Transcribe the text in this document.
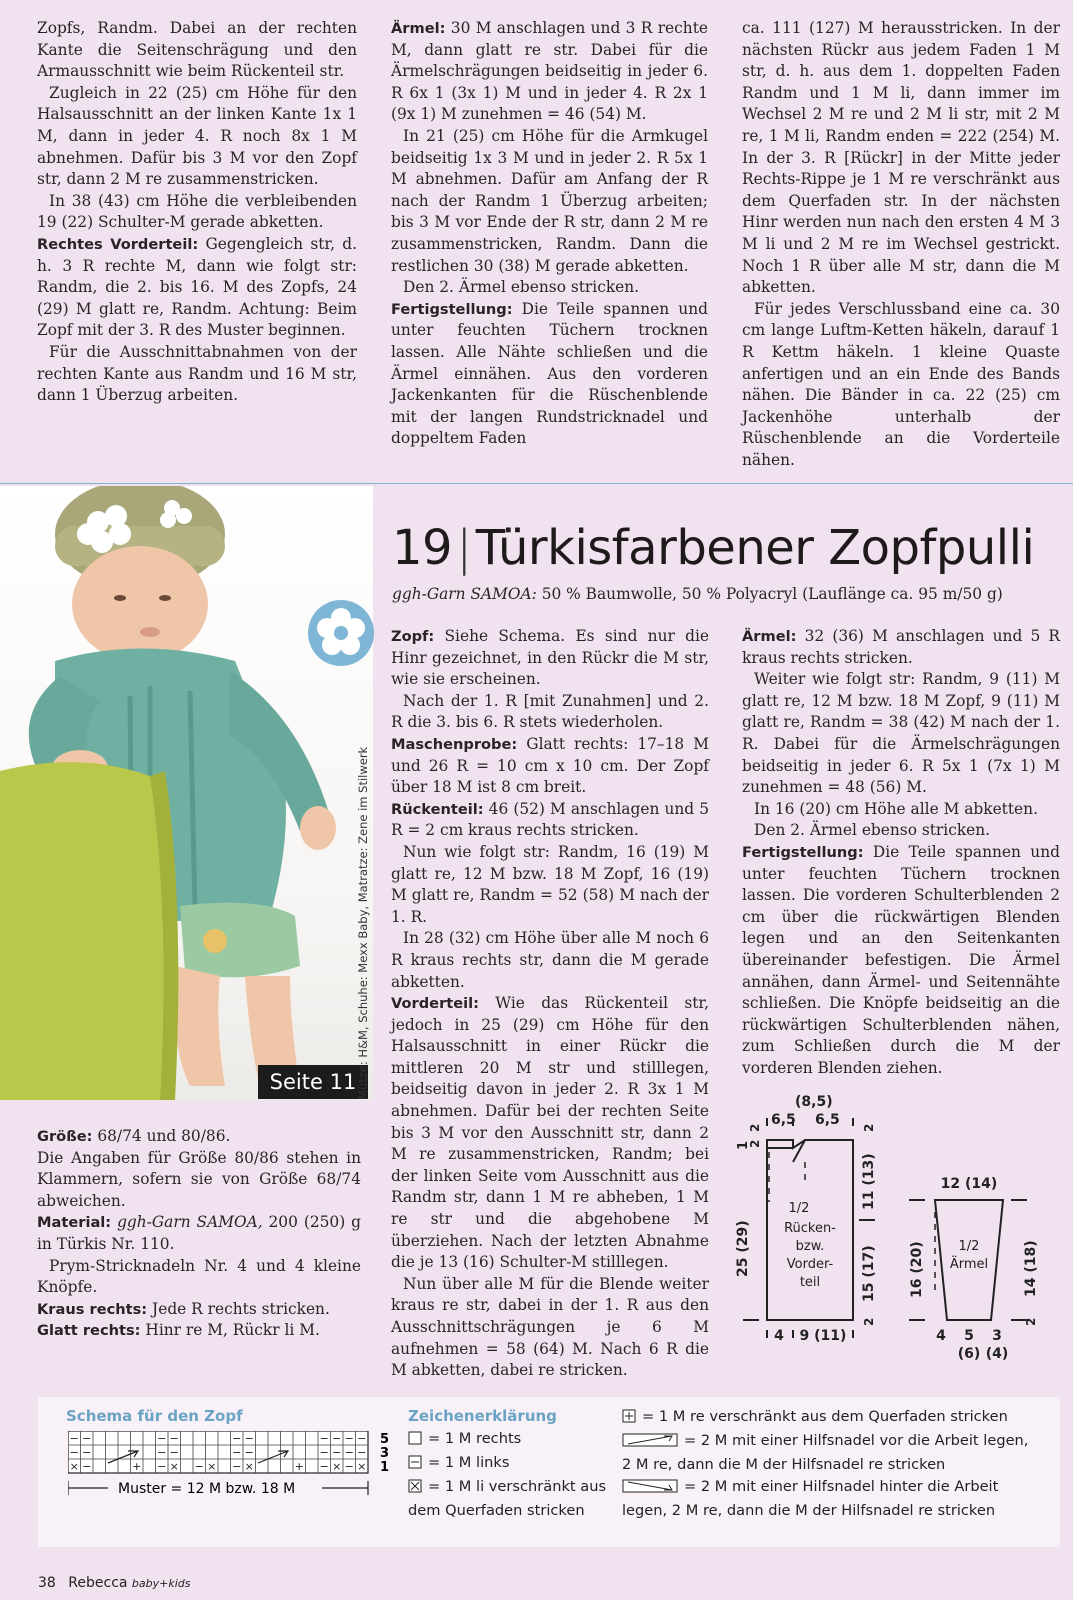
Zopfs, Randm. Dabei an der rechten Kante die Seitenschrägung und den Armausschnitt wie beim Rückenteil str.

Zugleich in 22 (25) cm Höhe für den Halsausschnitt an der linken Kante 1x 1 M, dann in jeder 4. R noch 8x 1 M abnehmen. Dafür bis 3 M vor den Zopf str, dann 2 M re zusammenstricken.

In 38 (43) cm Höhe die verbleibenden 19 (22) Schulter-M gerade abketten.

Rechtes Vorderteil: Gegengleich str, d. h. 3 R rechte M, dann wie folgt str: Randm, die 2. bis 16. M des Zopfs, 24 (29) M glatt re, Randm. Achtung: Beim Zopf mit der 3. R des Muster beginnen.

Für die Ausschnittabnahmen von der rechten Kante aus Randm und 16 M str, dann 1 Überzug arbeiten.

Ärmel: 30 M anschlagen und 3 R rechte M, dann glatt re str. Dabei für die Ärmelschrägungen beidseitig in jeder 6. R 6x 1 (3x 1) M und in jeder 4. R 2x 1 (9x 1) M zunehmen = 46 (54) M.

In 21 (25) cm Höhe für die Armkugel beidseitig 1x 3 M und in jeder 2. R 5x 1 M abnehmen. Dafür am Anfang der R nach der Randm 1 Überzug arbeiten; bis 3 M vor Ende der R str, dann 2 M re zusammenstricken, Randm. Dann die restlichen 30 (38) M gerade abketten.

Den 2. Ärmel ebenso stricken.

Fertigstellung: Die Teile spannen und unter feuchten Tüchern trocknen lassen. Alle Nähte schließen und die Ärmel einnähen. Aus den vorderen Jackenkanten für die Rüschenblende mit der langen Rundstricknadel und doppeltem Faden

ca. 111 (127) M herausstricken. In der nächsten Rückr aus jedem Faden 1 M str, d. h. aus dem 1. doppelten Faden Randm und 1 M li, dann immer im Wechsel 2 M re und 2 M li str, mit 2 M re, 1 M li, Randm enden = 222 (254) M. In der 3. R [Rückr] in der Mitte jeder Rechts-Rippe je 1 M re verschränkt aus dem Querfaden str. In der nächsten Hinr werden nun nach den ersten 4 M 3 M li und 2 M re im Wechsel gestrickt. Noch 1 R über alle M str, dann die M abketten.

Für jedes Verschlussband eine ca. 30 cm lange Luftm-Ketten häkeln, darauf 1 R Kettm häkeln. 1 kleine Quaste anfertigen und an ein Ende des Bands nähen. Die Bänder in ca. 22 (25) cm Jackenhöhe unterhalb der Rüschenblende an die Vorderteile nähen.

Seite 11 Mütze: H&M, Schuhe: Mexx Baby, Matratze: Zene im Stilwerk
19|Türkisfarbener Zopfpulli
ggh-Garn SAMOA: 50 % Baumwolle, 50 % Polyacryl (Lauflänge ca. 95 m/50 g)

Zopf: Siehe Schema. Es sind nur die Hinr gezeichnet, in den Rückr die M str, wie sie erscheinen.

Nach der 1. R [mit Zunahmen] und 2. R die 3. bis 6. R stets wiederholen.

Maschenprobe: Glatt rechts: 17–18 M und 26 R = 10 cm x 10 cm. Der Zopf über 18 M ist 8 cm breit.

Rückenteil: 46 (52) M anschlagen und 5 R = 2 cm kraus rechts stricken.

Nun wie folgt str: Randm, 16 (19) M glatt re, 12 M bzw. 18 M Zopf, 16 (19) M glatt re, Randm = 52 (58) M nach der 1. R.

In 28 (32) cm Höhe über alle M noch 6 R kraus rechts str, dann die M gerade abketten.

Vorderteil: Wie das Rückenteil str, jedoch in 25 (29) cm Höhe für den Halsausschnitt in einer Rückr die mittleren 20 M str und stilllegen, beidseitig davon in jeder 2. R 3x 1 M abnehmen. Dafür bei der rechten Seite bis 3 M vor den Ausschnitt str, dann 2 M re zusammenstricken, Randm; bei der linken Seite vom Ausschnitt aus die Randm str, dann 1 M re abheben, 1 M re str und die abgehobene M überziehen. Nach der letzten Abnahme die je 13 (16) Schulter-M stilllegen.

Nun über alle M für die Blende weiter kraus re str, dabei in der 1. R aus den Ausschnittschrägungen je 6 M aufnehmen = 58 (64) M. Nach 6 R die M abketten, dabei re stricken.

Ärmel: 32 (36) M anschlagen und 5 R kraus rechts stricken.

Weiter wie folgt str: Randm, 9 (11) M glatt re, 12 M bzw. 18 M Zopf, 9 (11) M glatt re, Randm = 38 (42) M nach der 1. R. Dabei für die Ärmelschrägungen beidseitig in jeder 6. R 5x 1 (7x 1) M zunehmen = 48 (56) M.

In 16 (20) cm Höhe alle M abketten.

Den 2. Ärmel ebenso stricken.

Fertigstellung: Die Teile spannen und unter feuchten Tüchern trocknen lassen. Die vorderen Schulterblenden 2 cm über die rückwärtigen Blenden legen und an den Seitenkanten übereinander befestigen. Die Ärmel annähen, dann Ärmel- und Seitennähte schließen. Die Knöpfe beidseitig an die rückwärtigen Schulterblenden nähen, zum Schließen durch die M der vorderen Blenden ziehen.

Größe: 68/74 und 80/86.

Die Angaben für Größe 80/86 stehen in Klammern, sofern sie von Größe 68/74 abweichen.

Material: ggh-Garn SAMOA, 200 (250) g in Türkis Nr. 110.

Prym-Stricknadeln Nr. 4 und 4 kleine Knöpfe.

Kraus rechts: Jede R rechts stricken.

Glatt rechts: Hinr re M, Rückr li M.

(8,5)
6,5 6,5
25 (29)
1
2
2
11 (13)
15 (17)
2
2
1/2
Rücken-
bzw.
Vorder-
teil
4 9 (11)
12 (14)
1/2
Ärmel
16 (20)	14 (18)
2
4 5 3
(6) (4)
Schema für den Zopf
− −	− −	− −	− − − −
− −	− −	− −	− − − −
× −	+ − × − × − ×	+ − × − ×
5
3
1
Muster = 12 M bzw. 18 M
Zeichenerklärung
= 1 M rechts
= 1 M links
= 1 M li verschränkt aus
dem Querfaden stricken
= 1 M re verschränkt aus dem Querfaden stricken
= 2 M mit einer Hilfsnadel vor die Arbeit legen,
2 M re, dann die M der Hilfsnadel re stricken
= 2 M mit einer Hilfsnadel hinter die Arbeit
legen, 2 M re, dann die M der Hilfsnadel re stricken
38 Rebecca baby+kids
